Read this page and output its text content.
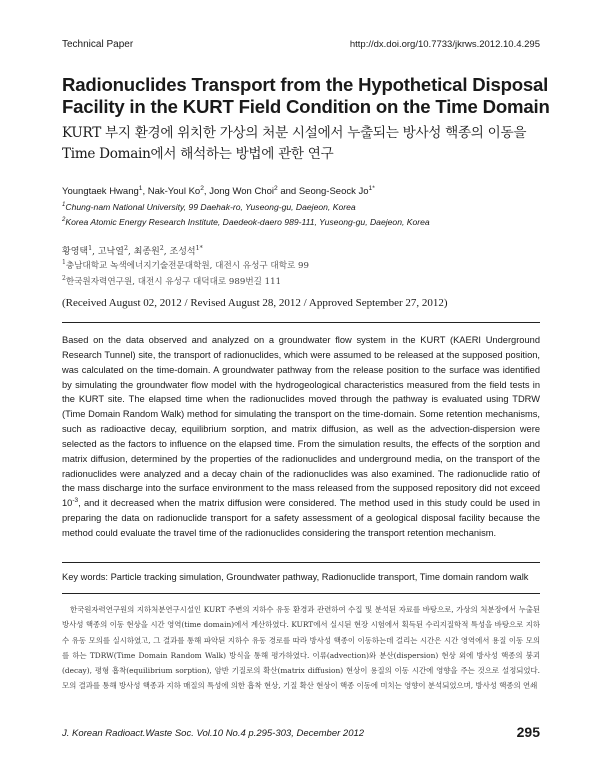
Technical Paper	http://dx.doi.org/10.7733/jkrws.2012.10.4.295
Radionuclides Transport from the Hypothetical Disposal Facility in the KURT Field Condition on the Time Domain
KURT 부지 환경에 위치한 가상의 처분 시설에서 누출되는 방사성 핵종의 이동을 Time Domain에서 해석하는 방법에 관한 연구
Youngtaek Hwang$^1$, Nak-Youl Ko$^2$, Jong Won Choi$^2$ and Seong-Seock $Jo^{1*}$
$^1$Chung-nam National University, 99 Daehak-ro, Yuseong-gu, Daejeon, Korea
$^2$Korea Atomic Energy Research Institute, Daedeok-daero 989-111, Yuseong-gu, Daejeon, Korea
황영택$^1$, 고낙열$^2$, 최종원$^2$, 조성석$^{1*}$
$^1$충남대학교 녹색에너지기술전문대학원, 대전시 유성구 대학로 99
$^2$한국원자력연구원, 대전시 유성구 대덕대로 989번길 111
(Received August 02, 2012 / Revised August 28, 2012 / Approved September 27, 2012)

Based on the data observed and analyzed on a groundwater flow system in the KURT (KAERI Underground Research Tunnel) site, the transport of radionuclides, which were assumed to be released at the supposed position, was calculated on the time-domain. A groundwater pathway from the release position to the surface was identified by simulating the groundwater flow model with the hydrogeological characteristics measured from the field tests in the KURT site. The elapsed time when the radionuclides moved through the pathway is evaluated using TDRW (Time Domain Random Walk) method for simulating the transport on the time-domain. Some retention mechanisms, such as radioactive decay, equilibrium sorption, and matrix diffusion, as well as the advection-dispersion were selected as the factors to influence on the elapsed time. From the simulation results, the effects of the sorption and matrix diffusion, determined by the properties of the radionuclides and underground media, on the transport of the radionuclides were analyzed and a decay chain of the radionuclides was also examined. The radionuclide ratio of the mass discharge into the surface environment to the mass released from the supposed repository did not exceed $10^{-3}$, and it decreased when the matrix diffusion were considered. The method used in this study could be used in preparing the data on radionuclide transport for a safety assessment of a geological disposal facility because the method could evaluate the travel time of the radionuclides considering the transport retention mechanism.

Key words: Particle tracking simulation, Groundwater pathway, Radionuclide transport, Time domain random walk

한국원자력연구원의 지하처분연구시설인 KURT 주변의 지하수 유동 환경과 관련하여 수집 및 분석된 자료를 바탕으로, 가상의 처분장에서 누출된 방사성 핵종의 이동 현상을 시간 영역(time domain)에서 계산하였다. KURT에서 실시된 현장 시험에서 획득된 수리지질학적 특성을 바탕으로 지하수 유동 모의를 실시하였고, 그 결과를 통해 파악된 지하수 유동 경로를 따라 방사성 핵종이 이동하는데 걸리는 시간은 시간 영역에서 용질 이동 모의를 하는 TDRW(Time Domain Random Walk) 방식을 통해 평가하였다. 이류(advection)와 분산(dispersion) 현상 외에 방사성 핵종의 붕괴(decay), 평형 흡착(equilibrium sorption), 암반 기질로의 확산(matrix diffusion) 현상이 용질의 이동 시간에 영향을 주는 것으로 설정되었다. 모의 결과를 통해 방사성 핵종과 지하 매질의 특성에 의한 흡착 현상, 기질 확산 현상이 핵종 이동에 미치는 영향이 분석되었으며, 방사성 핵종의 연쇄

J. Korean Radioact.Waste Soc. Vol.10 No.4 p.295-303, December 2012	295
